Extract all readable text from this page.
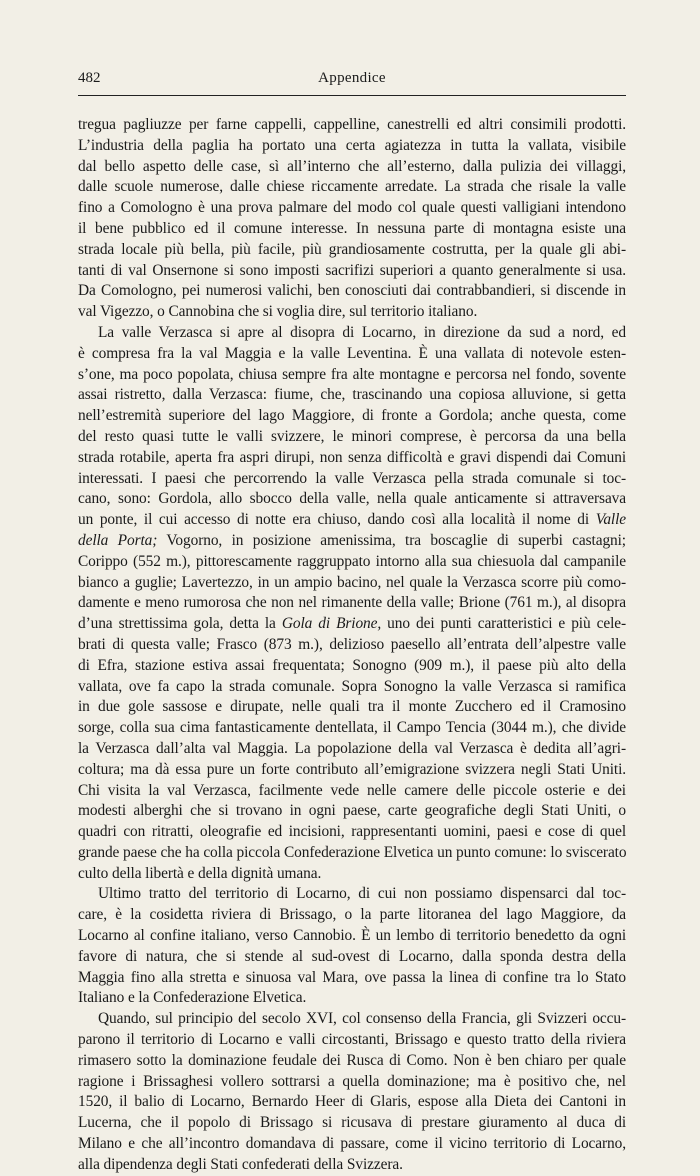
482	Appendice
tregua pagliuzze per farne cappelli, cappelline, canestrelli ed altri consimili prodotti.
L’industria della paglia ha portato una certa agiatezza in tutta la vallata, visibile
dal bello aspetto delle case, sì all’interno che all’esterno, dalla pulizia dei villaggi,
dalle scuole numerose, dalle chiese riccamente arredate. La strada che risale la valle
fino a Comologno è una prova palmare del modo col quale questi valligiani intendono
il bene pubblico ed il comune interesse. In nessuna parte di montagna esiste una
strada locale più bella, più facile, più grandiosamente costrutta, per la quale gli abi-
tanti di val Onsernone si sono imposti sacrifizi superiori a quanto generalmente si usa.
Da Comologno, pei numerosi valichi, ben conosciuti dai contrabbandieri, si discende in
val Vigezzo, o Cannobina che si voglia dire, sul territorio italiano.
La valle Verzasca si apre al disopra di Locarno, in direzione da sud a nord, ed
è compresa fra la val Maggia e la valle Leventina. È una vallata di notevole esten-
s’one, ma poco popolata, chiusa sempre fra alte montagne e percorsa nel fondo, sovente
assai ristretto, dalla Verzasca: fiume, che, trascinando una copiosa alluvione, si getta
nell’estremità superiore del lago Maggiore, di fronte a Gordola; anche questa, come
del resto quasi tutte le valli svizzere, le minori comprese, è percorsa da una bella
strada rotabile, aperta fra aspri dirupi, non senza difficoltà e gravi dispendi dai Comuni
interessati. I paesi che percorrendo la valle Verzasca pella strada comunale si toc-
cano, sono: Gordola, allo sbocco della valle, nella quale anticamente si attraversava
un ponte, il cui accesso di notte era chiuso, dando così alla località il nome di Valle
della Porta; Vogorno, in posizione amenissima, tra boscaglie di superbi castagni;
Corippo (552 m.), pittorescamente raggruppato intorno alla sua chiesuola dal campanile
bianco a guglie; Lavertezzo, in un ampio bacino, nel quale la Verzasca scorre più como-
damente e meno rumorosa che non nel rimanente della valle; Brione (761 m.), al disopra
d’una strettissima gola, detta la Gola di Brione, uno dei punti caratteristici e più cele-
brati di questa valle; Frasco (873 m.), delizioso paesello all’entrata dell’alpestre valle
di Efra, stazione estiva assai frequentata; Sonogno (909 m.), il paese più alto della
vallata, ove fa capo la strada comunale. Sopra Sonogno la valle Verzasca si ramifica
in due gole sassose e dirupate, nelle quali tra il monte Zucchero ed il Cramosino
sorge, colla sua cima fantasticamente dentellata, il Campo Tencia (3044 m.), che divide
la Verzasca dall’alta val Maggia. La popolazione della val Verzasca è dedita all’agri-
coltura; ma dà essa pure un forte contributo all’emigrazione svizzera negli Stati Uniti.
Chi visita la val Verzasca, facilmente vede nelle camere delle piccole osterie e dei
modesti alberghi che si trovano in ogni paese, carte geografiche degli Stati Uniti, o
quadri con ritratti, oleografie ed incisioni, rappresentanti uomini, paesi e cose di quel
grande paese che ha colla piccola Confederazione Elvetica un punto comune: lo sviscerato
culto della libertà e della dignità umana.
Ultimo tratto del territorio di Locarno, di cui non possiamo dispensarci dal toc-
care, è la cosidetta riviera di Brissago, o la parte litoranea del lago Maggiore, da
Locarno al confine italiano, verso Cannobio. È un lembo di territorio benedetto da ogni
favore di natura, che si stende al sud-ovest di Locarno, dalla sponda destra della
Maggia fino alla stretta e sinuosa val Mara, ove passa la linea di confine tra lo Stato
Italiano e la Confederazione Elvetica.
Quando, sul principio del secolo XVI, col consenso della Francia, gli Svizzeri occu-
parono il territorio di Locarno e valli circostanti, Brissago e questo tratto della riviera
rimasero sotto la dominazione feudale dei Rusca di Como. Non è ben chiaro per quale
ragione i Brissaghesi vollero sottrarsi a quella dominazione; ma è positivo che, nel
1520, il balio di Locarno, Bernardo Heer di Glaris, espose alla Dieta dei Cantoni in
Lucerna, che il popolo di Brissago si ricusava di prestare giuramento al duca di
Milano e che all’incontro domandava di passare, come il vicino territorio di Locarno,
alla dipendenza degli Stati confederati della Svizzera.
